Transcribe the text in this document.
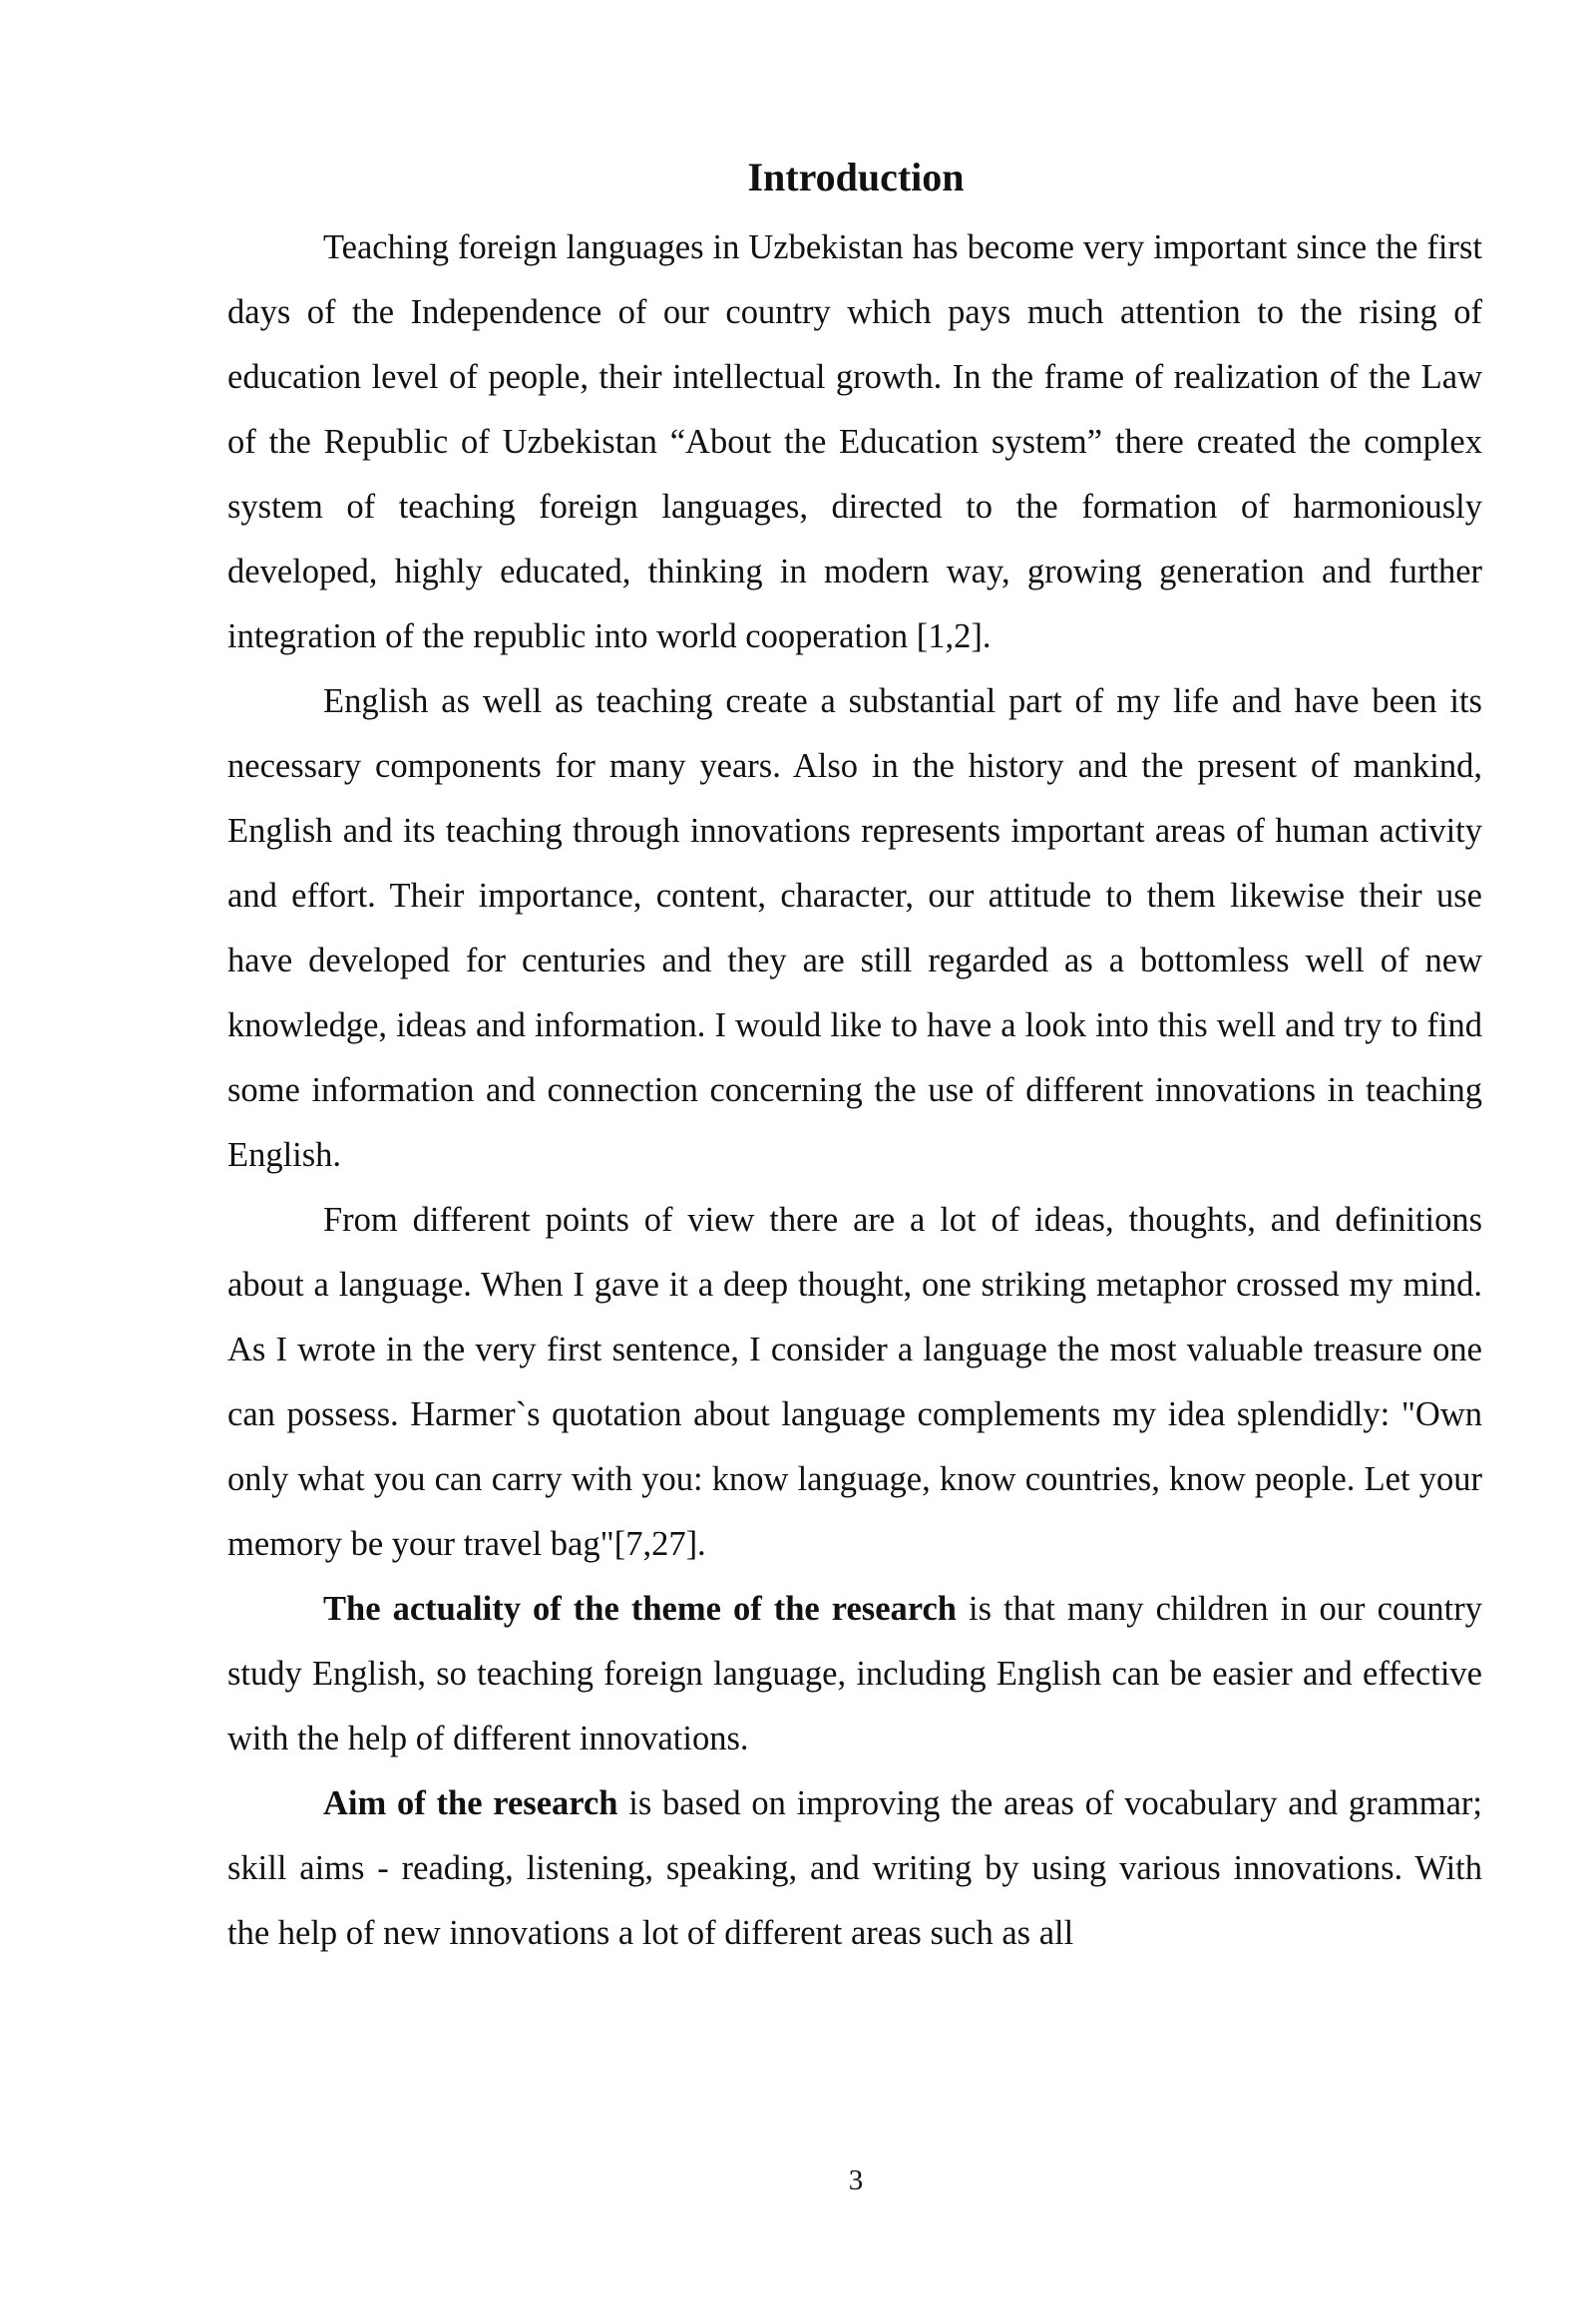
Introduction

Teaching foreign languages in Uzbekistan has become very important since the first days of the Independence of our country which pays much attention to the rising of education level of people, their intellectual growth. In the frame of realization of the Law of the Republic of Uzbekistan “About the Education system” there created the complex system of teaching foreign languages, directed to the formation of harmoniously developed, highly educated, thinking in modern way, growing generation and further integration of the republic into world cooperation [1,2].

English as well as teaching create a substantial part of my life and have been its necessary components for many years. Also in the history and the present of mankind, English and its teaching through innovations represents important areas of human activity and effort. Their importance, content, character, our attitude to them likewise their use have developed for centuries and they are still regarded as a bottomless well of new knowledge, ideas and information. I would like to have a look into this well and try to find some information and connection concerning the use of different innovations in teaching English.

From different points of view there are a lot of ideas, thoughts, and definitions about a language. When I gave it a deep thought, one striking metaphor crossed my mind. As I wrote in the very first sentence, I consider a language the most valuable treasure one can possess. Harmer`s quotation about language complements my idea splendidly: "Own only what you can carry with you: know language, know countries, know people. Let your memory be your travel bag"[7,27].

The actuality of the theme of the research is that many children in our country study English, so teaching foreign language, including English can be easier and effective with the help of different innovations.

Aim of the research is based on improving the areas of vocabulary and grammar; skill aims - reading, listening, speaking, and writing by using various innovations. With the help of new innovations a lot of different areas such as all

3
